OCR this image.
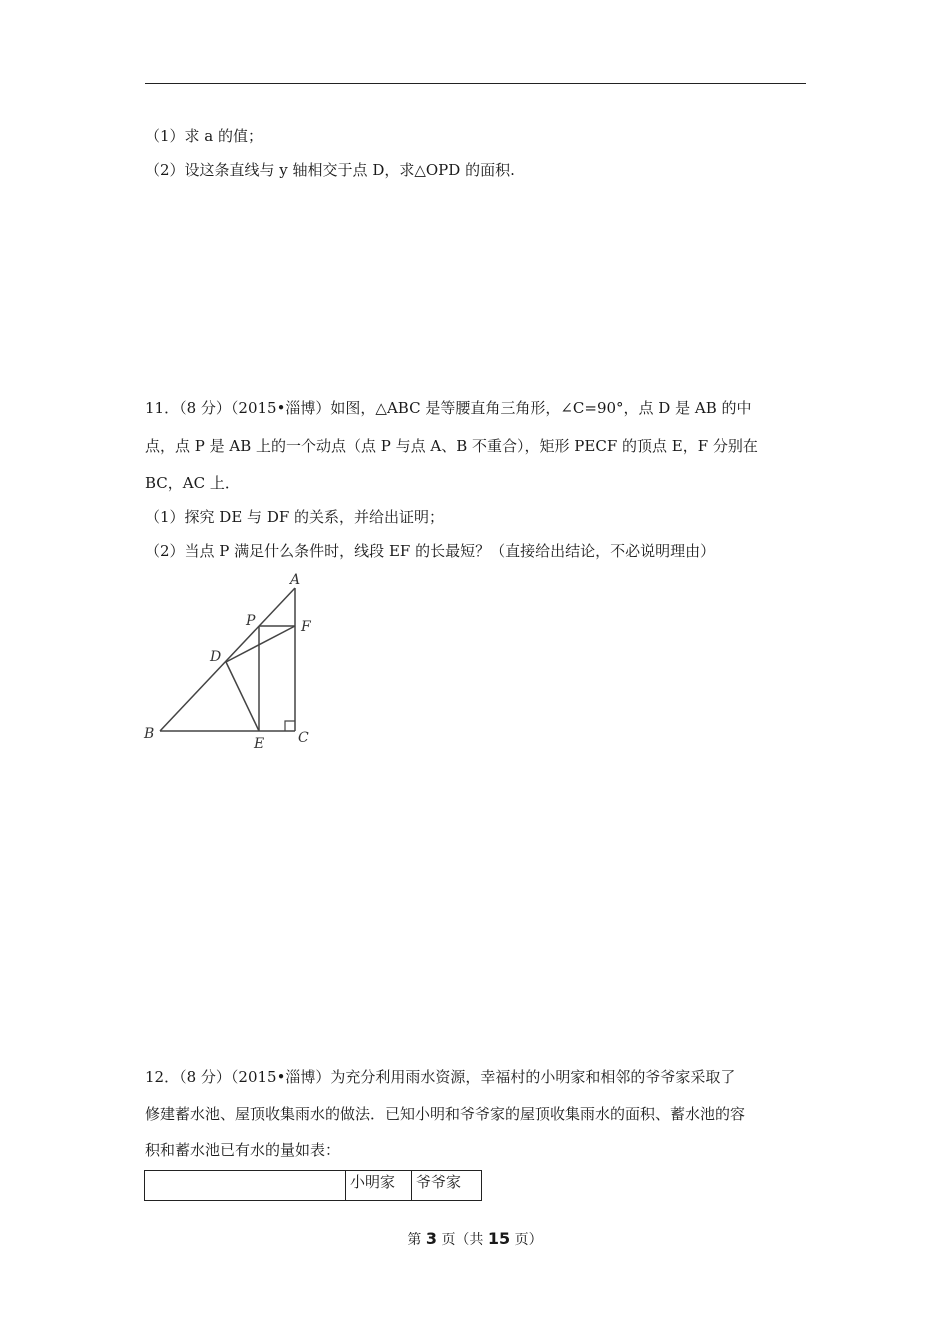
（1）求 a 的值；
（2）设这条直线与 y 轴相交于点 D，求△OPD 的面积.
11．（8 分）（2015•淄博）如图，△ABC 是等腰直角三角形，∠C=90°，点 D 是 AB 的中
点，点 P 是 AB 上的一个动点（点 P 与点 A、B 不重合），矩形 PECF 的顶点 E，F 分别在
BC，AC 上．
（1）探究 DE 与 DF 的关系，并给出证明；
（2）当点 P 满足什么条件时，线段 EF 的长最短？（直接给出结论，不必说明理由）
A
P	F
D
B
E C
12．（8 分）（2015•淄博）为充分利用雨水资源，幸福村的小明家和相邻的爷爷家采取了
修建蓄水池、屋顶收集雨水的做法．已知小明和爷爷家的屋顶收集雨水的面积、蓄水池的容
积和蓄水池已有水的量如表：
	小明家	爷爷家
第 3 页（共 15 页）
